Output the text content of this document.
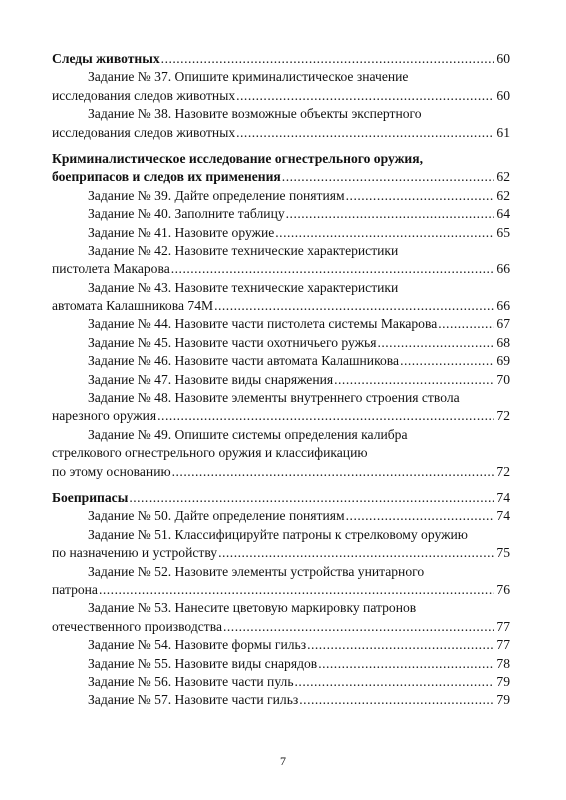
Следы животных .....	60
Задание № 37. Опишите криминалистическое значение
исследования следов животных .....	60
Задание № 38. Назовите возможные объекты экспертного
исследования следов животных .....	61
Криминалистическое исследование огнестрельного оружия,
боеприпасов и следов их применения .....	62
Задание № 39. Дайте определение понятиям .....	62
Задание № 40. Заполните таблицу .....	64
Задание № 41. Назовите оружие .....	65
Задание № 42. Назовите технические характеристики
пистолета Макарова .....	66
Задание № 43. Назовите технические характеристики
автомата Калашникова 74М .....	66
Задание № 44. Назовите части пистолета системы Макарова .....	67
Задание № 45. Назовите части охотничьего ружья .....	68
Задание № 46. Назовите части автомата Калашникова .....	69
Задание № 47. Назовите виды снаряжения .....	70
Задание № 48. Назовите элементы внутреннего строения ствола
нарезного оружия .....	72
Задание № 49. Опишите системы определения калибра
стрелкового огнестрельного оружия и классификацию
по этому основанию .....	72
Боеприпасы .....	74
Задание № 50. Дайте определение понятиям .....	74
Задание № 51. Классифицируйте патроны к стрелковому оружию
по назначению и устройству .....	75
Задание № 52. Назовите элементы устройства унитарного
патрона .....	76
Задание № 53. Нанесите цветовую маркировку патронов
отечественного производства .....	77
Задание № 54. Назовите формы гильз .....	77
Задание № 55. Назовите виды снарядов .....	78
Задание № 56. Назовите части пуль .....	79
Задание № 57. Назовите части гильз .....	79
7
